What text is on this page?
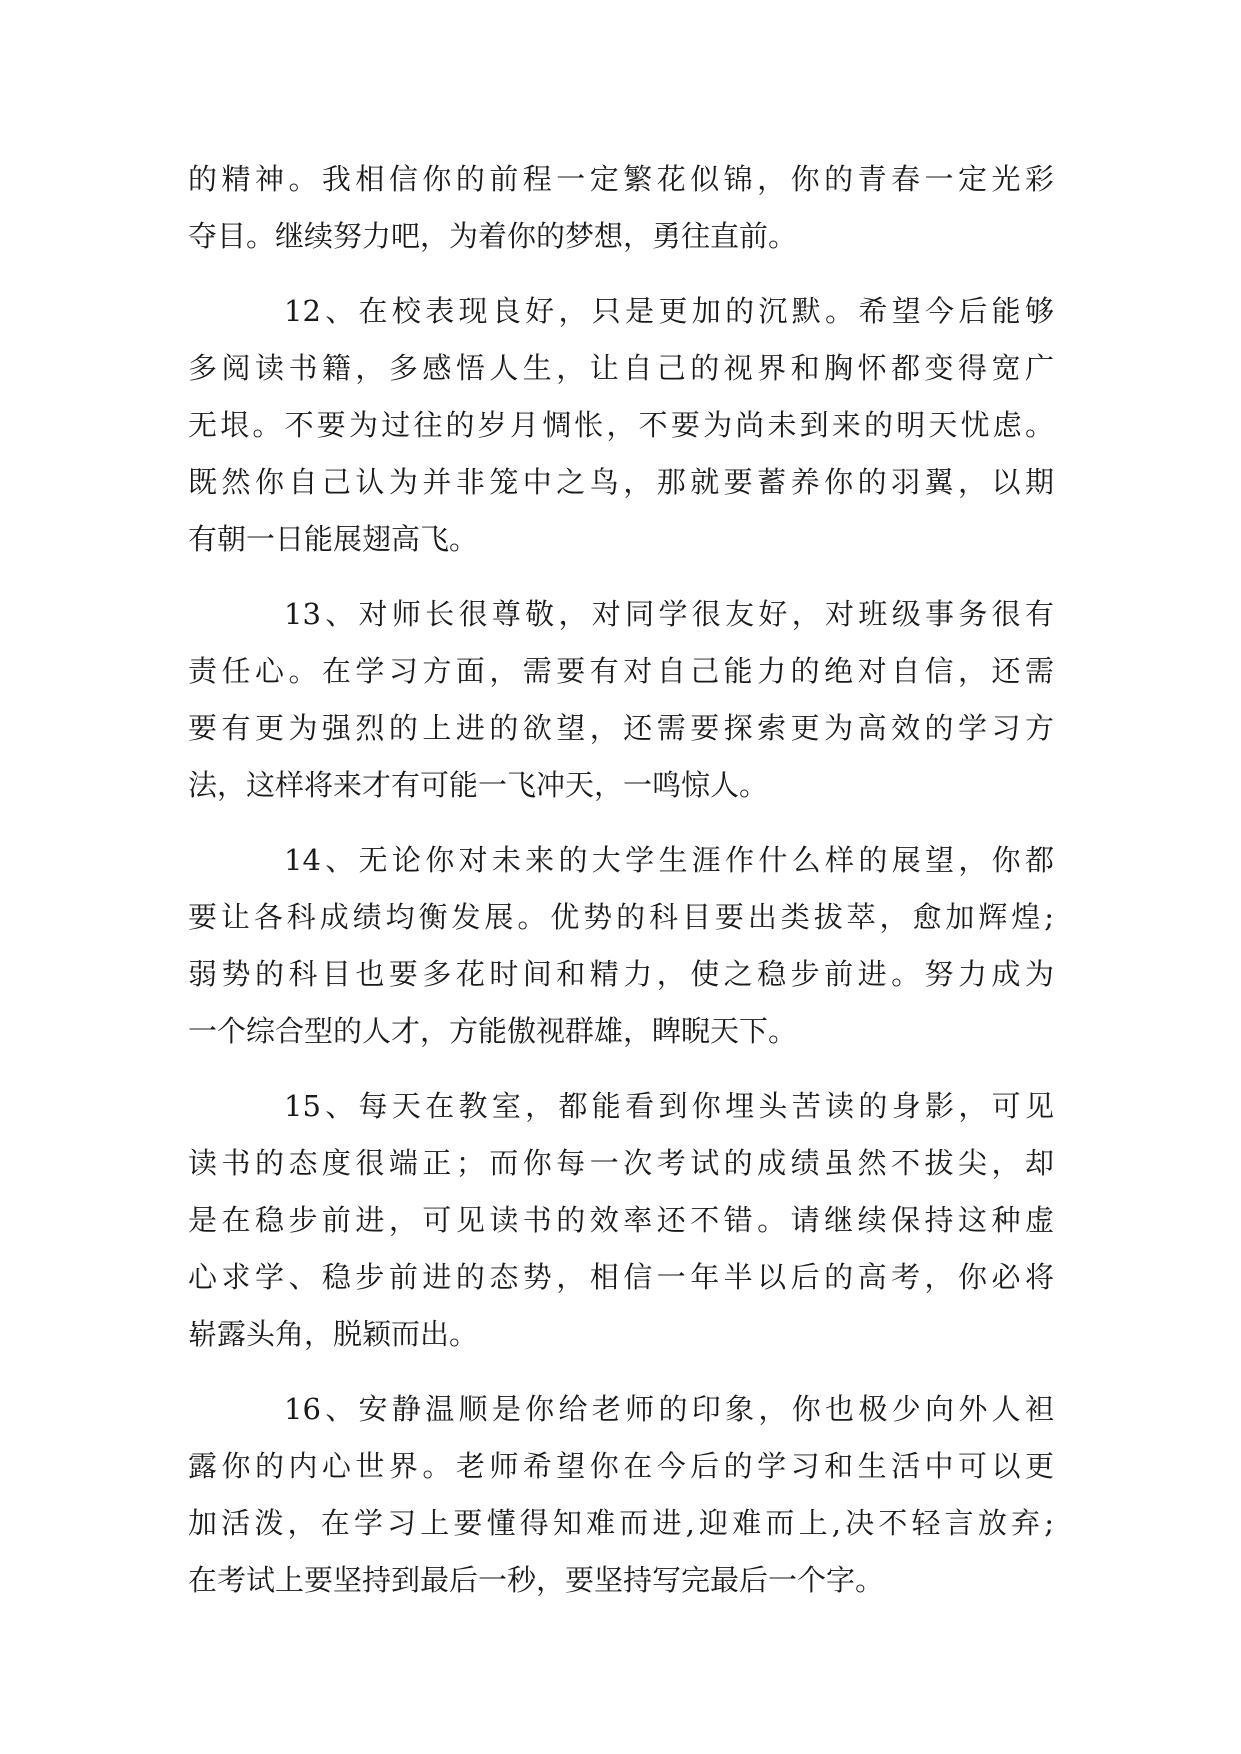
的精神。我相信你的前程一定繁花似锦，你的青春一定光彩
夺目。继续努力吧，为着你的梦想，勇往直前。
12、在校表现良好，只是更加的沉默。希望今后能够
多阅读书籍，多感悟人生，让自己的视界和胸怀都变得宽广
无垠。不要为过往的岁月惆怅，不要为尚未到来的明天忧虑。
既然你自己认为并非笼中之鸟，那就要蓄养你的羽翼，以期
有朝一日能展翅高飞。
13、对师长很尊敬，对同学很友好，对班级事务很有
责任心。在学习方面，需要有对自己能力的绝对自信，还需
要有更为强烈的上进的欲望，还需要探索更为高效的学习方
法，这样将来才有可能一飞冲天，一鸣惊人。
14、无论你对未来的大学生涯作什么样的展望，你都
要让各科成绩均衡发展。优势的科目要出类拔萃，愈加辉煌;
弱势的科目也要多花时间和精力，使之稳步前进。努力成为
一个综合型的人才，方能傲视群雄，睥睨天下。
15、每天在教室，都能看到你埋头苦读的身影，可见
读书的态度很端正；而你每一次考试的成绩虽然不拔尖，却
是在稳步前进，可见读书的效率还不错。请继续保持这种虚
心求学、稳步前进的态势，相信一年半以后的高考，你必将
崭露头角，脱颖而出。
16、安静温顺是你给老师的印象，你也极少向外人袒
露你的内心世界。老师希望你在今后的学习和生活中可以更
加活泼，在学习上要懂得知难而进,迎难而上,决不轻言放弃;
在考试上要坚持到最后一秒，要坚持写完最后一个字。
